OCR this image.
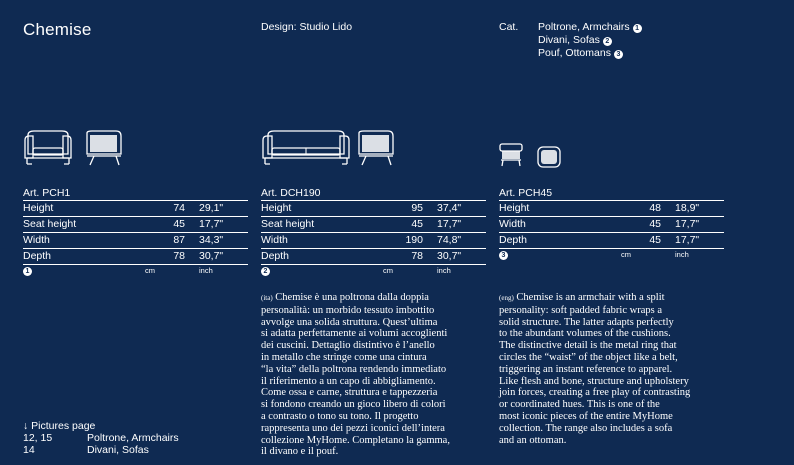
Chemise	Design: Studio Lido	Cat. Poltrone, Armchairs 1
Divani, Sofas 2
Pouf, Ottomans 3
Art. PCH1
Height	74 29,1"
Seat height	45 17,7"
Width	87 34,3"
Depth	78 30,7"
1	cm	inch
Art. DCH190
Height	95 37,4"
Seat height	45 17,7"
Width	190 74,8"
Depth	78 30,7"
2	cm	inch
Art. PCH45
Height	48 18,9"
Width	45 17,7"
Depth	45 17,7"
3	cm	inch
(ita) Chemise è una poltrona dalla doppia
personalità: un morbido tessuto imbottito
avvolge una solida struttura. Quest’ultima
si adatta perfettamente ai volumi accoglienti
dei cuscini. Dettaglio distintivo è l’anello
in metallo che stringe come una cintura
“la vita” della poltrona rendendo immediato
il riferimento a un capo di abbigliamento.
Come ossa e carne, struttura e tappezzeria
si fondono creando un gioco libero di colori
a contrasto o tono su tono. Il progetto
rappresenta uno dei pezzi iconici dell’intera
collezione MyHome. Completano la gamma,
il divano e il pouf.
(eng) Chemise is an armchair with a split
personality: soft padded fabric wraps a
solid structure. The latter adapts perfectly
to the abundant volumes of the cushions.
The distinctive detail is the metal ring that
circles the “waist” of the object like a belt,
triggering an instant reference to apparel.
Like flesh and bone, structure and upholstery
join forces, creating a free play of contrasting
or coordinated hues. This is one of the
most iconic pieces of the entire MyHome
collection. The range also includes a sofa
and an ottoman.
↓ Pictures page
12, 15	Poltrone, Armchairs
14	Divani, Sofas
